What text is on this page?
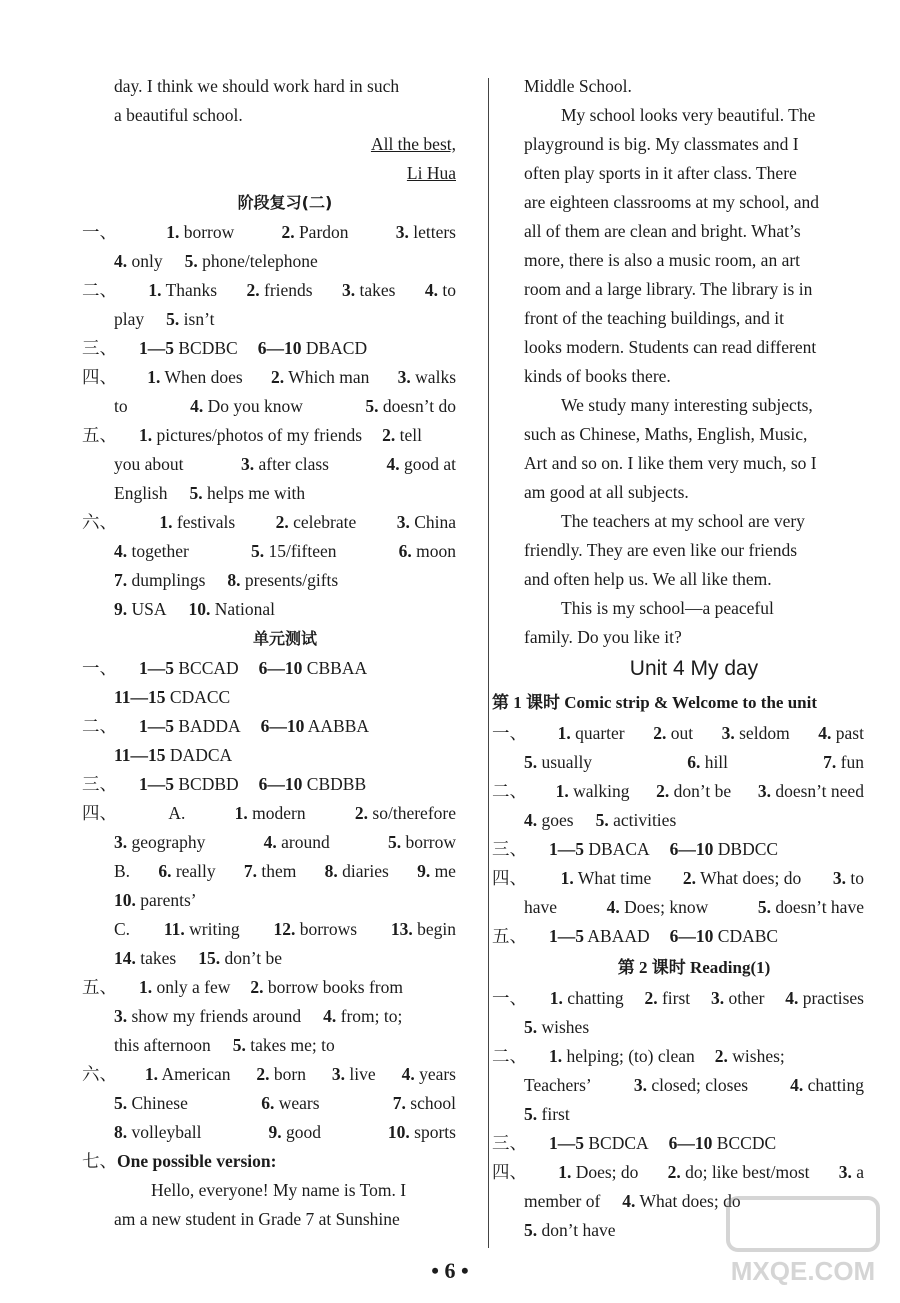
day. I think we should work hard in such
a beautiful school.
All the best,
Li Hua
阶段复习(二)
一、	1. borrow	2. Pardon	3. letters
4. only 5. phone/telephone
二、 1. Thanks 2. friends 3. takes 4. to
play 5. isn’t
三、 1—5 BCDBC 6—10 DBACD
四、 1. When does 2. Which man 3. walks
to	4. Do you know	5. doesn’t do
五、 1. pictures/photos of my friends 2. tell
you about	3. after class	4. good at
English 5. helps me with
六、 1. festivals 2. celebrate 3. China
4. together	5. 15/fifteen	6. moon
7. dumplings 8. presents/gifts
9. USA 10. National
单元测试
一、 1—5 BCCAD 6—10 CBBAA
11—15 CDACC
二、 1—5 BADDA 6—10 AABBA
11—15 DADCA
三、 1—5 BCDBD 6—10 CBDBB
四、	A.	1. modern	2. so/therefore
3. geography	4. around	5. borrow
B. 6. really 7. them 8. diaries 9. me
10. parents’
C. 11. writing 12. borrows 13. begin
14. takes 15. don’t be
五、 1. only a few 2. borrow books from
3. show my friends around 4. from; to;
this afternoon 5. takes me; to
六、 1. American 2. born 3. live 4. years
5. Chinese	6. wears	7. school
8. volleyball	9. good	10. sports
七、One possible version:
Hello, everyone! My name is Tom. I
am a new student in Grade 7 at Sunshine
Middle School.
My school looks very beautiful. The
playground is big. My classmates and I
often play sports in it after class. There
are eighteen classrooms at my school, and
all of them are clean and bright. What’s
more, there is also a music room, an art
room and a large library. The library is in
front of the teaching buildings, and it
looks modern. Students can read different
kinds of books there.
We study many interesting subjects,
such as Chinese, Maths, English, Music,
Art and so on. I like them very much, so I
am good at all subjects.
The teachers at my school are very
friendly. They are even like our friends
and often help us. We all like them.
This is my school—a peaceful
family. Do you like it?
Unit 4 My day
第 1 课时 Comic strip & Welcome to the unit
一、 1. quarter 2. out 3. seldom 4. past
5. usually	6. hill	7. fun
二、 1. walking 2. don’t be 3. doesn’t need
4. goes 5. activities
三、 1—5 DBACA 6—10 DBDCC
四、 1. What time 2. What does; do 3. to
have	4. Does; know	5. doesn’t have
五、 1—5 ABAAD 6—10 CDABC
第 2 课时 Reading(1)
一、 1. chatting 2. first 3. other 4. practises
5. wishes
二、 1. helping; (to) clean 2. wishes;
Teachers’ 3. closed; closes 4. chatting
5. first
三、 1—5 BCDCA 6—10 BCCDC
四、 1. Does; do 2. do; like best/most 3. a
member of 4. What does; do
5. don’t have
• 6 •	MXQE.COM
